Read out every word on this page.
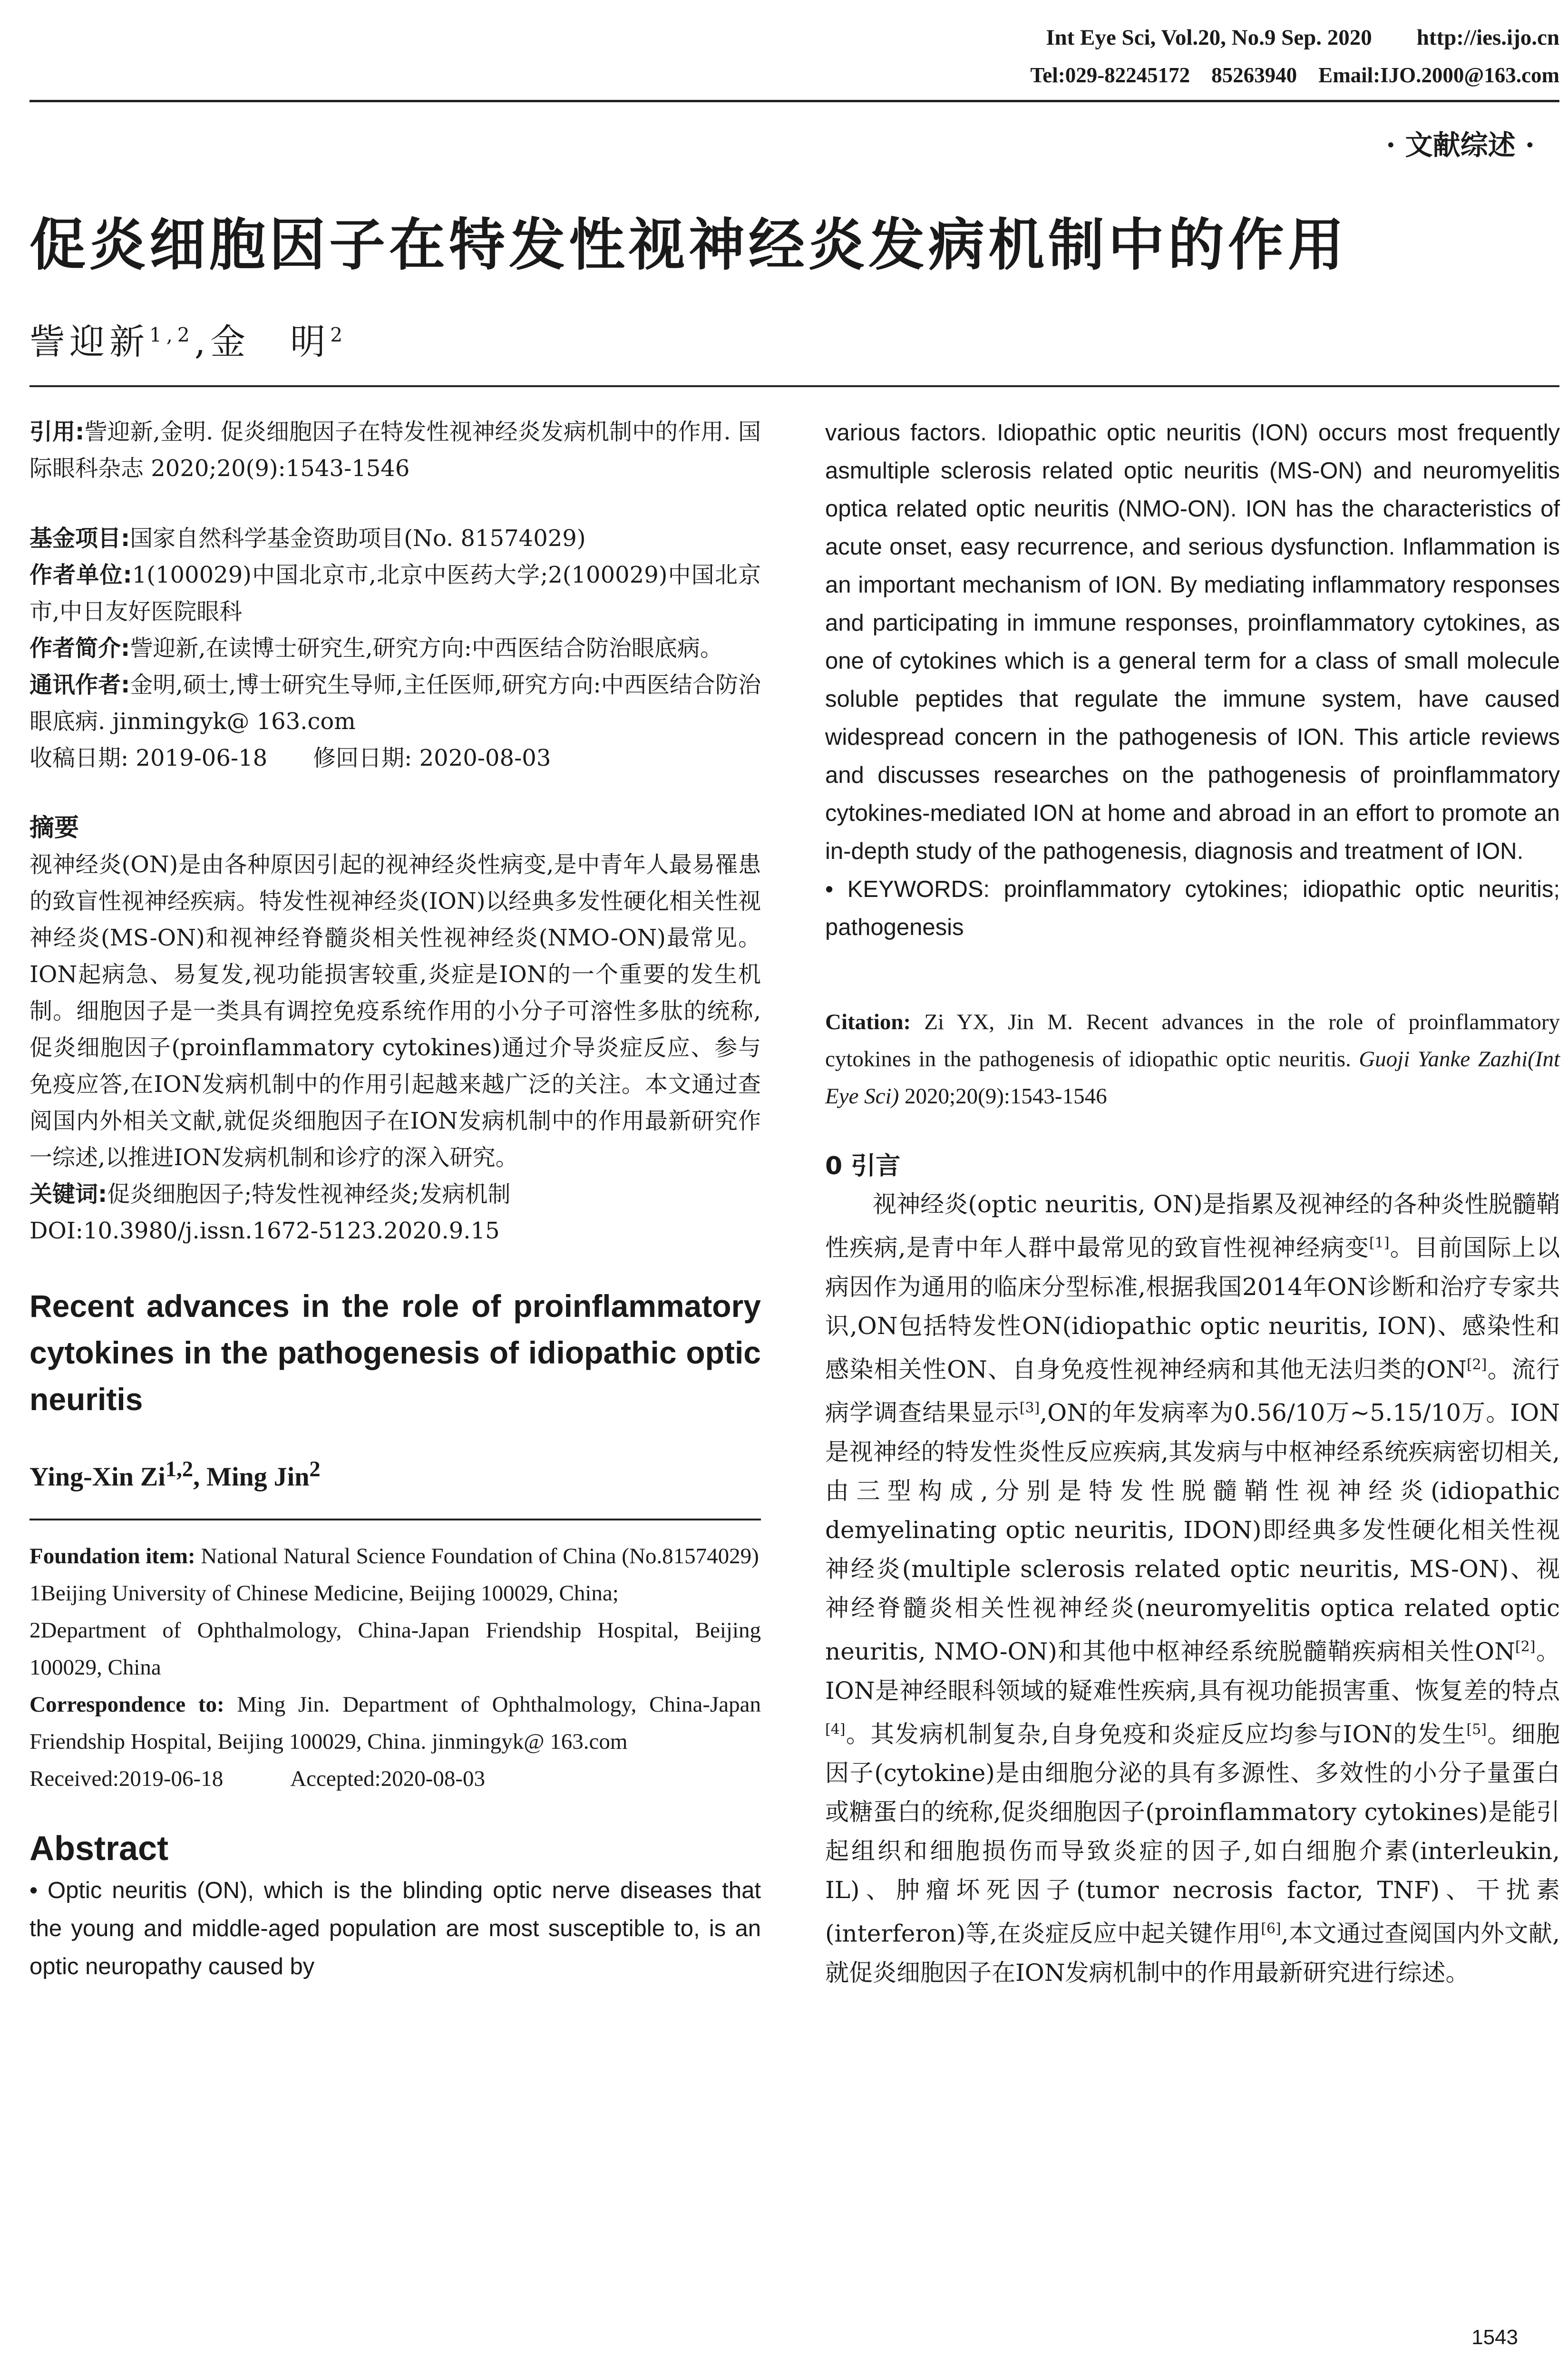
Int Eye Sci, Vol.20, No.9 Sep. 2020        http://ies.ijo.cn
Tel:029-82245172    85263940    Email:IJO.2000@163.com
· 文献综述 ·
促炎细胞因子在特发性视神经炎发病机制中的作用
訾迎新$^{1,2}$,金　明$^2$

引用:訾迎新,金明. 促炎细胞因子在特发性视神经炎发病机制中的作用. 国际眼科杂志 2020;20(9):1543-1546

基金项目:国家自然科学基金资助项目(No. 81574029)

作者单位:1(100029)中国北京市,北京中医药大学;2(100029)中国北京市,中日友好医院眼科

作者简介:訾迎新,在读博士研究生,研究方向:中西医结合防治眼底病。

通讯作者:金明,硕士,博士研究生导师,主任医师,研究方向:中西医结合防治眼底病. jinmingyk@ 163.com

收稿日期: 2019-06-18　　修回日期: 2020-08-03

摘要

视神经炎(ON)是由各种原因引起的视神经炎性病变,是中青年人最易罹患的致盲性视神经疾病。特发性视神经炎(ION)以经典多发性硬化相关性视神经炎(MS-ON)和视神经脊髓炎相关性视神经炎(NMO-ON)最常见。ION起病急、易复发,视功能损害较重,炎症是ION的一个重要的发生机制。细胞因子是一类具有调控免疫系统作用的小分子可溶性多肽的统称,促炎细胞因子(proinflammatory cytokines)通过介导炎症反应、参与免疫应答,在ION发病机制中的作用引起越来越广泛的关注。本文通过查阅国内外相关文献,就促炎细胞因子在ION发病机制中的作用最新研究作一综述,以推进ION发病机制和诊疗的深入研究。

关键词:促炎细胞因子;特发性视神经炎;发病机制

DOI:10.3980/j.issn.1672-5123.2020.9.15

Recent advances in the role of proinflammatory cytokines in the pathogenesis of idiopathic optic neuritis

Ying-Xin Zi$^{1,2}$, Ming Jin$^2$

Foundation item: National Natural Science Foundation of China (No.81574029)

1Beijing University of Chinese Medicine, Beijing 100029, China;

2Department of Ophthalmology, China-Japan Friendship Hospital, Beijing 100029, China

Correspondence to: Ming Jin. Department of Ophthalmology, China-Japan Friendship Hospital, Beijing 100029, China. jinmingyk@ 163.com

Received:2019-06-18　　　Accepted:2020-08-03

Abstract

• Optic neuritis (ON), which is the blinding optic nerve diseases that the young and middle-aged population are most susceptible to, is an optic neuropathy caused by

various factors. Idiopathic optic neuritis (ION) occurs most frequently asmultiple sclerosis related optic neuritis (MS-ON) and neuromyelitis optica related optic neuritis (NMO-ON). ION has the characteristics of acute onset, easy recurrence, and serious dysfunction. Inflammation is an important mechanism of ION. By mediating inflammatory responses and participating in immune responses, proinflammatory cytokines, as one of cytokines which is a general term for a class of small molecule soluble peptides that regulate the immune system, have caused widespread concern in the pathogenesis of ION. This article reviews and discusses researches on the pathogenesis of proinflammatory cytokines-mediated ION at home and abroad in an effort to promote an in-depth study of the pathogenesis, diagnosis and treatment of ION.

• KEYWORDS: proinflammatory cytokines; idiopathic optic neuritis; pathogenesis

Citation: Zi YX, Jin M. Recent advances in the role of proinflammatory cytokines in the pathogenesis of idiopathic optic neuritis. Guoji Yanke Zazhi(Int Eye Sci) 2020;20(9):1543-1546

0 引言

视神经炎(optic neuritis, ON)是指累及视神经的各种炎性脱髓鞘性疾病,是青中年人群中最常见的致盲性视神经病变[1]。目前国际上以病因作为通用的临床分型标准,根据我国2014年ON诊断和治疗专家共识,ON包括特发性ON(idiopathic optic neuritis, ION)、感染性和感染相关性ON、自身免疫性视神经病和其他无法归类的ON[2]。流行病学调查结果显示[3],ON的年发病率为0.56/10万~5.15/10万。ION是视神经的特发性炎性反应疾病,其发病与中枢神经系统疾病密切相关,由三型构成,分别是特发性脱髓鞘性视神经炎(idiopathic demyelinating optic neuritis, IDON)即经典多发性硬化相关性视神经炎(multiple sclerosis related optic neuritis, MS-ON)、视神经脊髓炎相关性视神经炎(neuromyelitis optica related optic neuritis, NMO-ON)和其他中枢神经系统脱髓鞘疾病相关性ON[2]。ION是神经眼科领域的疑难性疾病,具有视功能损害重、恢复差的特点[4]。其发病机制复杂,自身免疫和炎症反应均参与ION的发生[5]。细胞因子(cytokine)是由细胞分泌的具有多源性、多效性的小分子量蛋白或糖蛋白的统称,促炎细胞因子(proinflammatory cytokines)是能引起组织和细胞损伤而导致炎症的因子,如白细胞介素(interleukin, IL)、肿瘤坏死因子(tumor necrosis factor, TNF)、干扰素(interferon)等,在炎症反应中起关键作用[6],本文通过查阅国内外文献,就促炎细胞因子在ION发病机制中的作用最新研究进行综述。

1543
